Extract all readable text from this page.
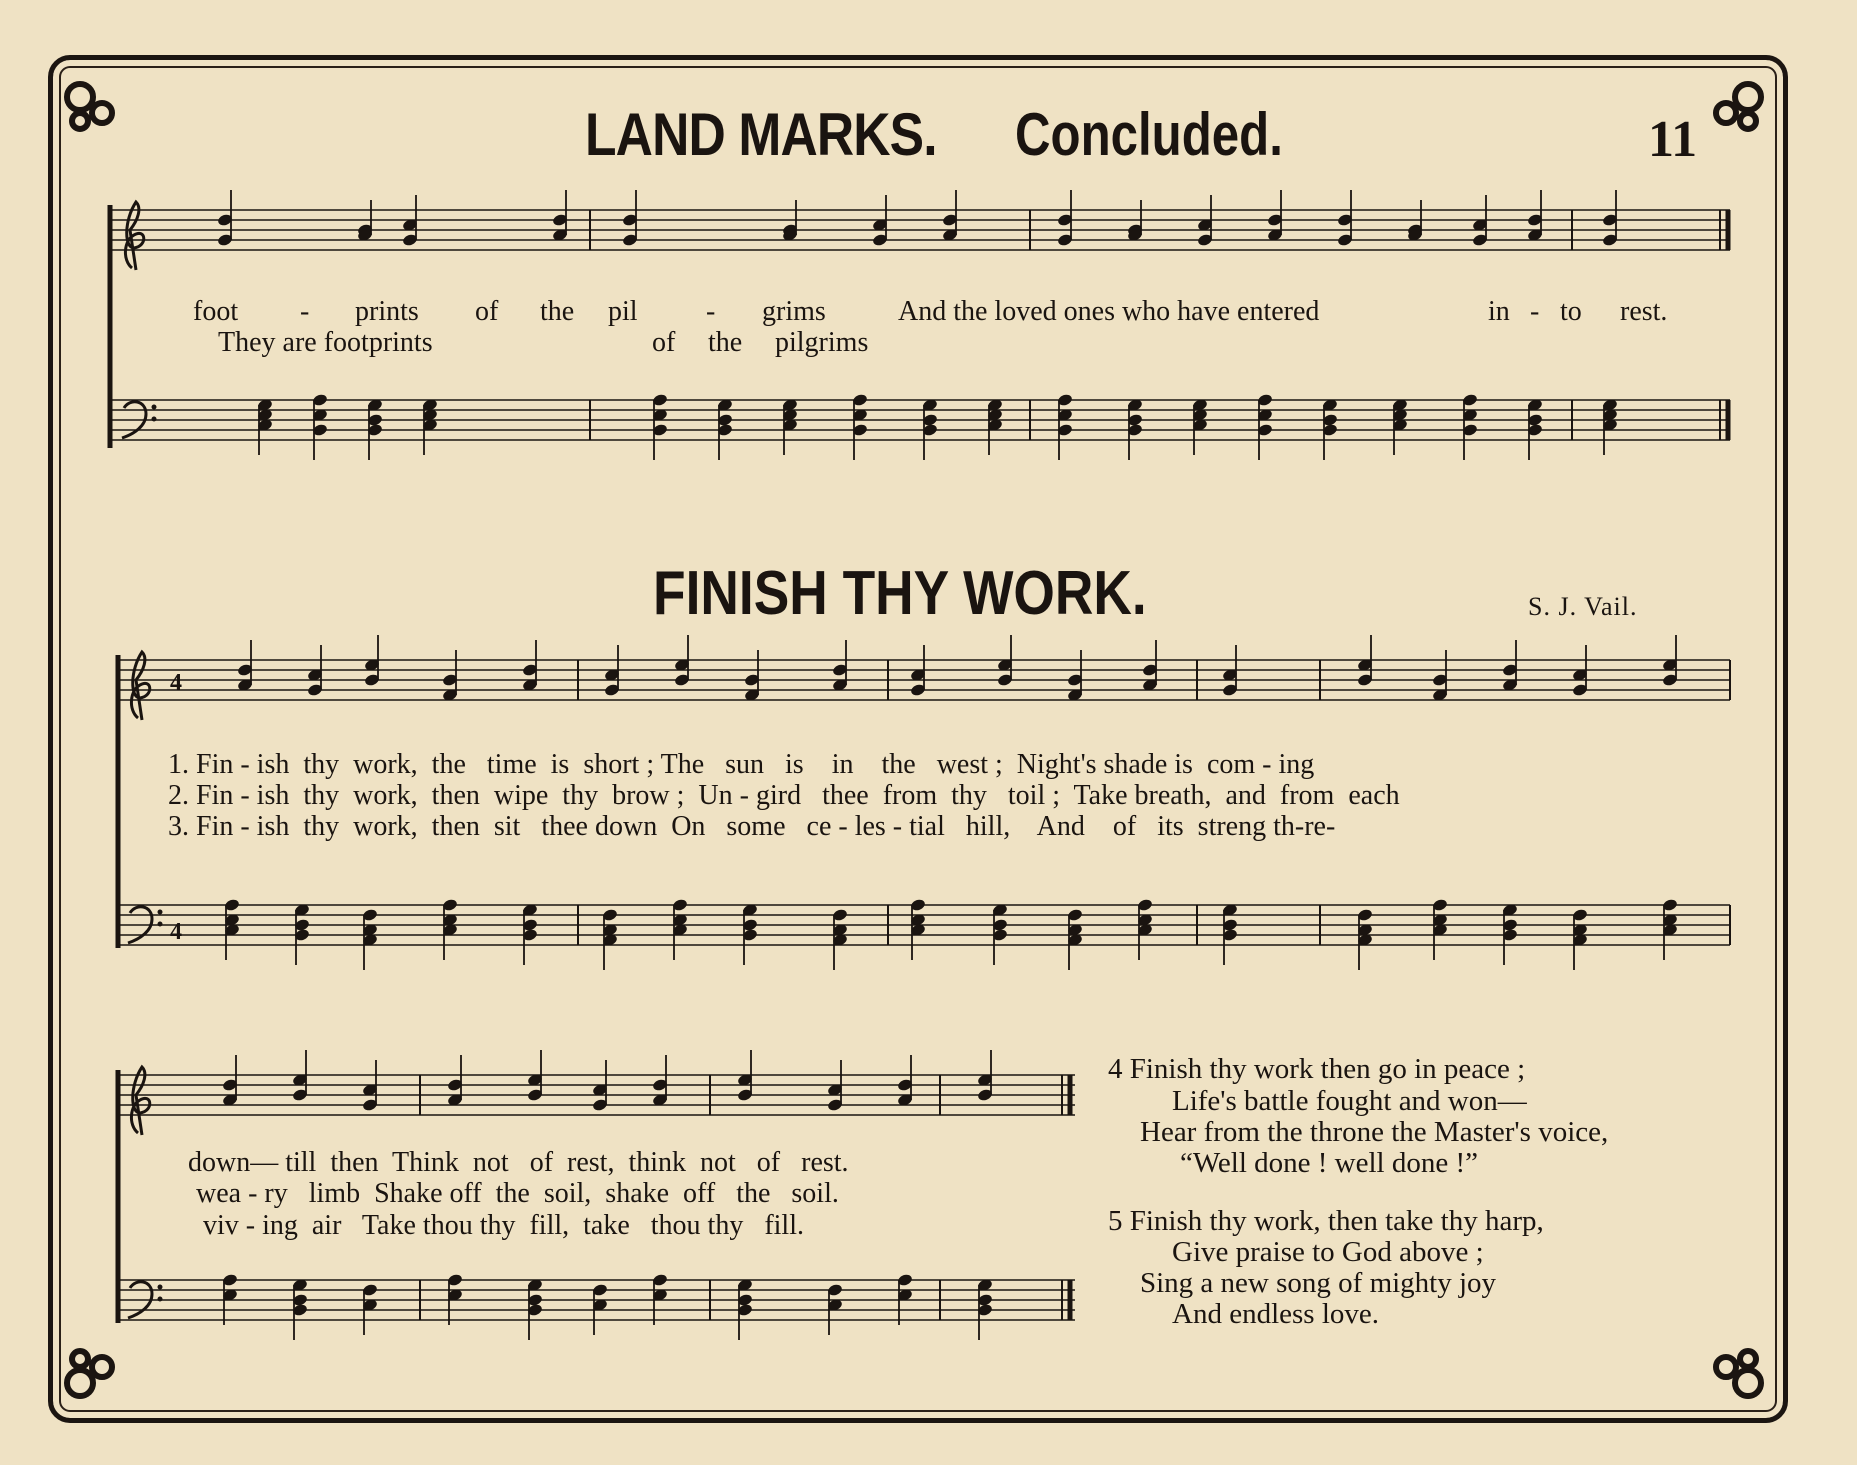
LAND MARKS. Concluded.	11
4
4
foot - prints of the pil - grims	And the loved ones who have entered	in - to rest.
They are footprints	of the pilgrims
FINISH THY WORK.	S. J. Vail.
1. Fin - ish  thy  work,  the   time  is  short ; The   sun   is    in    the   west ;  Night's shade is  com - ing
2. Fin - ish  thy  work,  then  wipe  thy  brow ;  Un - gird   thee  from  thy   toil ;  Take breath,  and  from  each
3. Fin - ish  thy  work,  then  sit   thee down  On   some   ce - les - tial   hill,    And    of   its  streng th-re-
down— till  then  Think  not   of  rest,  think  not   of   rest.
wea - ry   limb  Shake off  the  soil,  shake  off   the   soil.
viv - ing  air   Take thou thy  fill,  take   thou thy   fill.
4 Finish thy work then go in peace ;
Life's battle fought and won—
Hear from the throne the Master's voice,
“Well done ! well done !”
5 Finish thy work, then take thy harp,
Give praise to God above ;
Sing a new song of mighty joy
And endless love.
